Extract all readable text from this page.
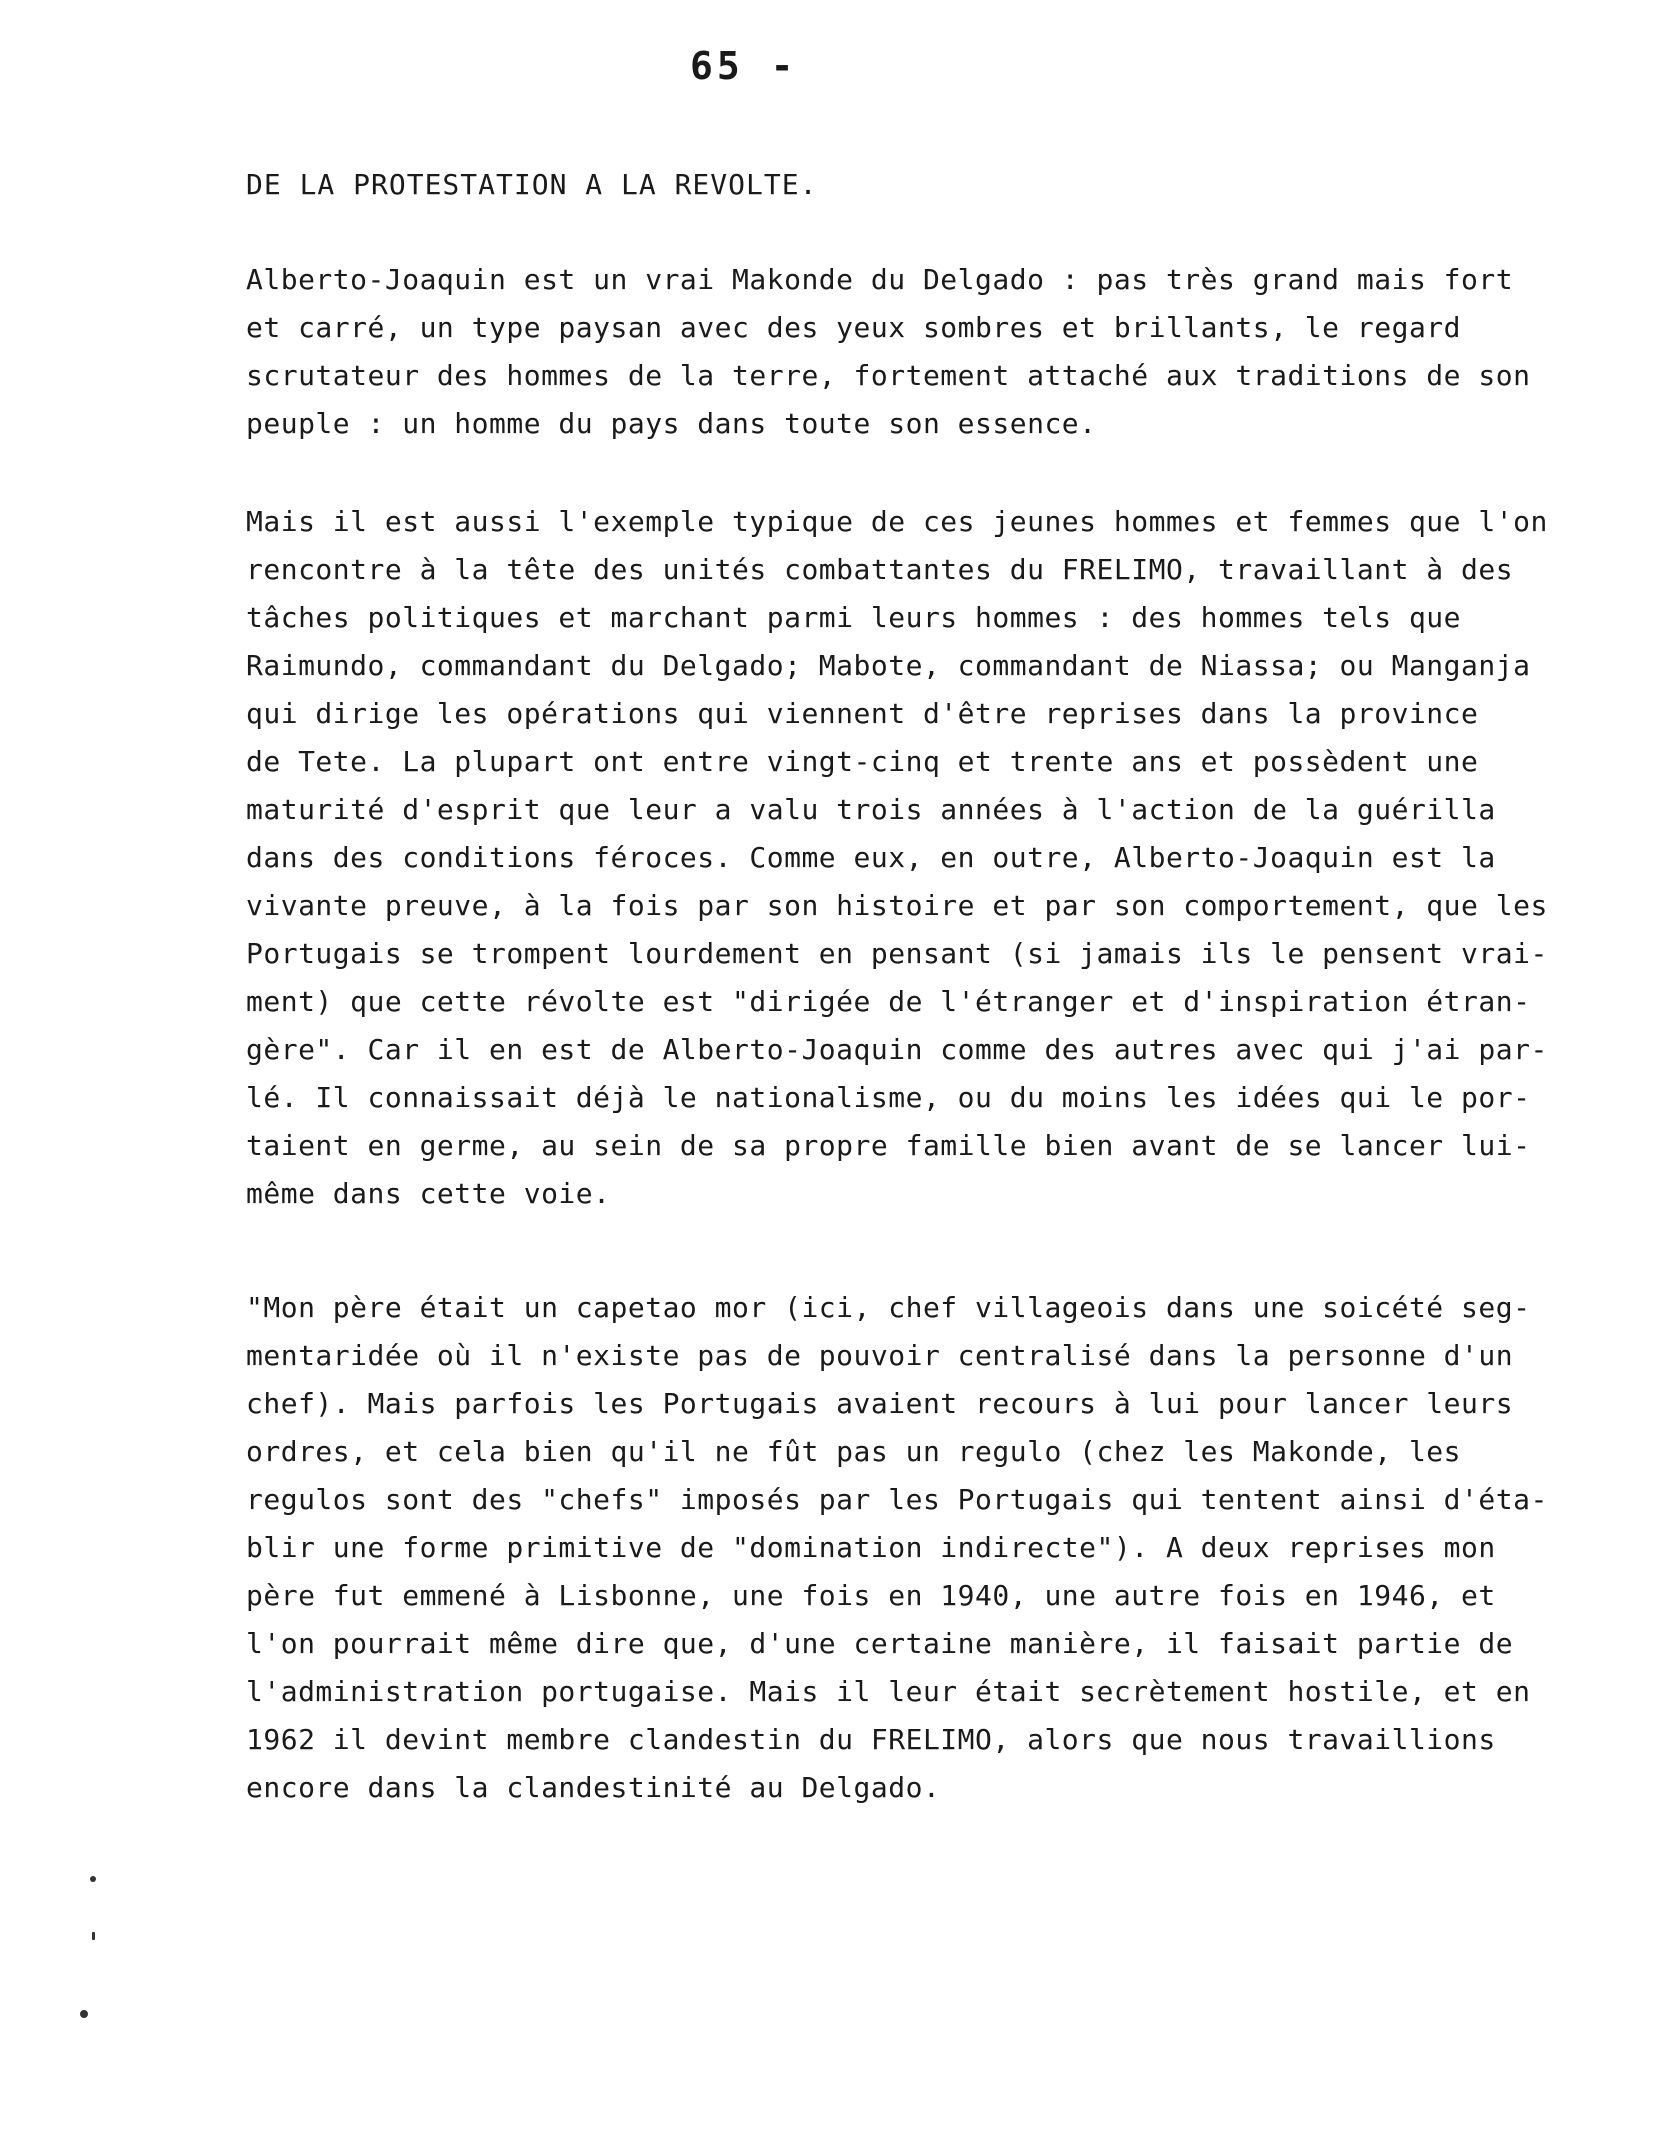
65 -
DE LA PROTESTATION A LA REVOLTE.
Alberto-Joaquin est un vrai Makonde du Delgado : pas très grand mais fort
et carré, un type paysan avec des yeux sombres et brillants, le regard
scrutateur des hommes de la terre, fortement attaché aux traditions de son
peuple : un homme du pays dans toute son essence.
Mais il est aussi l'exemple typique de ces jeunes hommes et femmes que l'on
rencontre à la tête des unités combattantes du FRELIMO, travaillant à des
tâches politiques et marchant parmi leurs hommes : des hommes tels que
Raimundo, commandant du Delgado; Mabote, commandant de Niassa; ou Manganja
qui dirige les opérations qui viennent d'être reprises dans la province
de Tete. La plupart ont entre vingt-cinq et trente ans et possèdent une
maturité d'esprit que leur a valu trois années à l'action de la guérilla
dans des conditions féroces. Comme eux, en outre, Alberto-Joaquin est la
vivante preuve, à la fois par son histoire et par son comportement, que les
Portugais se trompent lourdement en pensant (si jamais ils le pensent vrai-
ment) que cette révolte est "dirigée de l'étranger et d'inspiration étran-
gère". Car il en est de Alberto-Joaquin comme des autres avec qui j'ai par-
lé. Il connaissait déjà le nationalisme, ou du moins les idées qui le por-
taient en germe, au sein de sa propre famille bien avant de se lancer lui-
même dans cette voie.
"Mon père était un capetao mor (ici, chef villageois dans une soicété seg-
mentaridée où il n'existe pas de pouvoir centralisé dans la personne d'un
chef). Mais parfois les Portugais avaient recours à lui pour lancer leurs
ordres, et cela bien qu'il ne fût pas un regulo (chez les Makonde, les
regulos sont des "chefs" imposés par les Portugais qui tentent ainsi d'éta-
blir une forme primitive de "domination indirecte"). A deux reprises mon
père fut emmené à Lisbonne, une fois en 1940, une autre fois en 1946, et
l'on pourrait même dire que, d'une certaine manière, il faisait partie de
l'administration portugaise. Mais il leur était secrètement hostile, et en
1962 il devint membre clandestin du FRELIMO, alors que nous travaillions
encore dans la clandestinité au Delgado.
